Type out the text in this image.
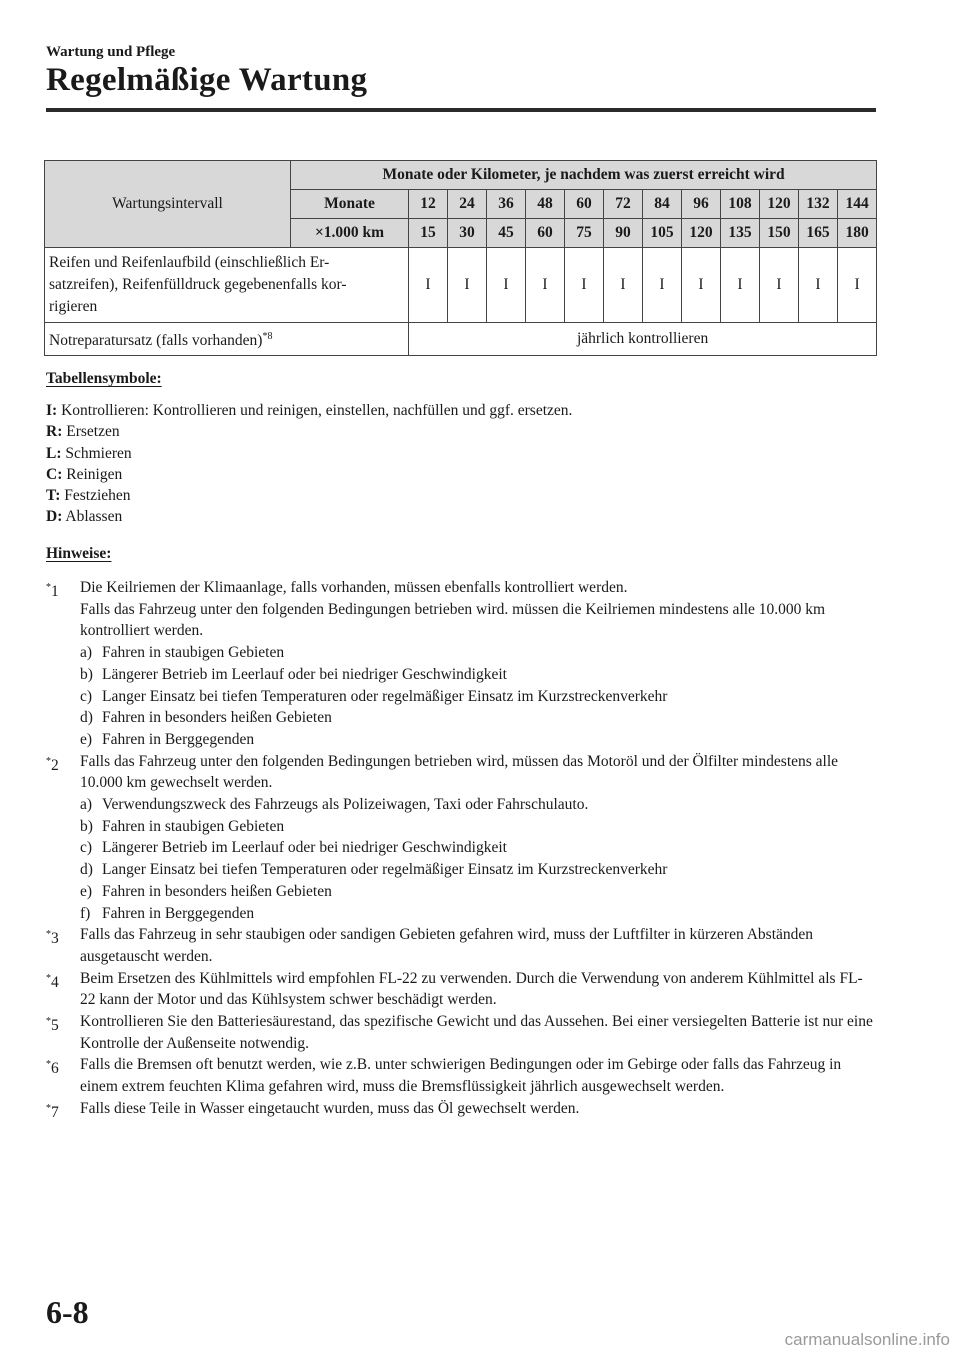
Wartung und Pflege
Regelmäßige Wartung
Wartungsintervall	Monate oder Kilometer, je nachdem was zuerst erreicht wird												
	Monate	12	24	36	48	60	72	84	96	108	120	132	144
	×1.000 km	15	30	45	60	75	90	105	120	135	150	165	180

Reifen und Reifenlaufbild (einschließlich Er-
satzreifen), Reifenfülldruck gegebenenfalls kor-
rigieren		I	I	I	I	I	I	I	I	I	I	I	I
Notreparatursatz (falls vorhanden)$^{*8}$		jährlich kontrollieren											
Tabellensymbole:
I: Kontrollieren: Kontrollieren und reinigen, einstellen, nachfüllen und ggf. ersetzen.
R: Ersetzen
L: Schmieren
C: Reinigen
T: Festziehen
D: Ablassen
Hinweise:
*1	Die Keilriemen der Klimaanlage, falls vorhanden, müssen ebenfalls kontrolliert werden.
Falls das Fahrzeug unter den folgenden Bedingungen betrieben wird. müssen die Keilriemen mindestens alle 10.000 km kontrolliert werden.
a) Fahren in staubigen Gebieten
b) Längerer Betrieb im Leerlauf oder bei niedriger Geschwindigkeit
c) Langer Einsatz bei tiefen Temperaturen oder regelmäßiger Einsatz im Kurzstreckenverkehr
d) Fahren in besonders heißen Gebieten
e) Fahren in Berggegenden
*2	Falls das Fahrzeug unter den folgenden Bedingungen betrieben wird, müssen das Motoröl und der Ölfilter mindestens alle 10.000 km gewechselt werden.
a) Verwendungszweck des Fahrzeugs als Polizeiwagen, Taxi oder Fahrschulauto.
b) Fahren in staubigen Gebieten
c) Längerer Betrieb im Leerlauf oder bei niedriger Geschwindigkeit
d) Langer Einsatz bei tiefen Temperaturen oder regelmäßiger Einsatz im Kurzstreckenverkehr
e) Fahren in besonders heißen Gebieten
f) Fahren in Berggegenden
*3	Falls das Fahrzeug in sehr staubigen oder sandigen Gebieten gefahren wird, muss der Luftfilter in kürzeren Abständen ausgetauscht werden.
*4	Beim Ersetzen des Kühlmittels wird empfohlen FL-22 zu verwenden. Durch die Verwendung von anderem Kühlmittel als FL-22 kann der Motor und das Kühlsystem schwer beschädigt werden.
*5	Kontrollieren Sie den Batteriesäurestand, das spezifische Gewicht und das Aussehen. Bei einer versiegelten Batterie ist nur eine Kontrolle der Außenseite notwendig.
*6	Falls die Bremsen oft benutzt werden, wie z.B. unter schwierigen Bedingungen oder im Gebirge oder falls das Fahrzeug in einem extrem feuchten Klima gefahren wird, muss die Bremsflüssigkeit jährlich ausgewechselt werden.
*7	Falls diese Teile in Wasser eingetaucht wurden, muss das Öl gewechselt werden.
6-8
carmanualsonline.info
